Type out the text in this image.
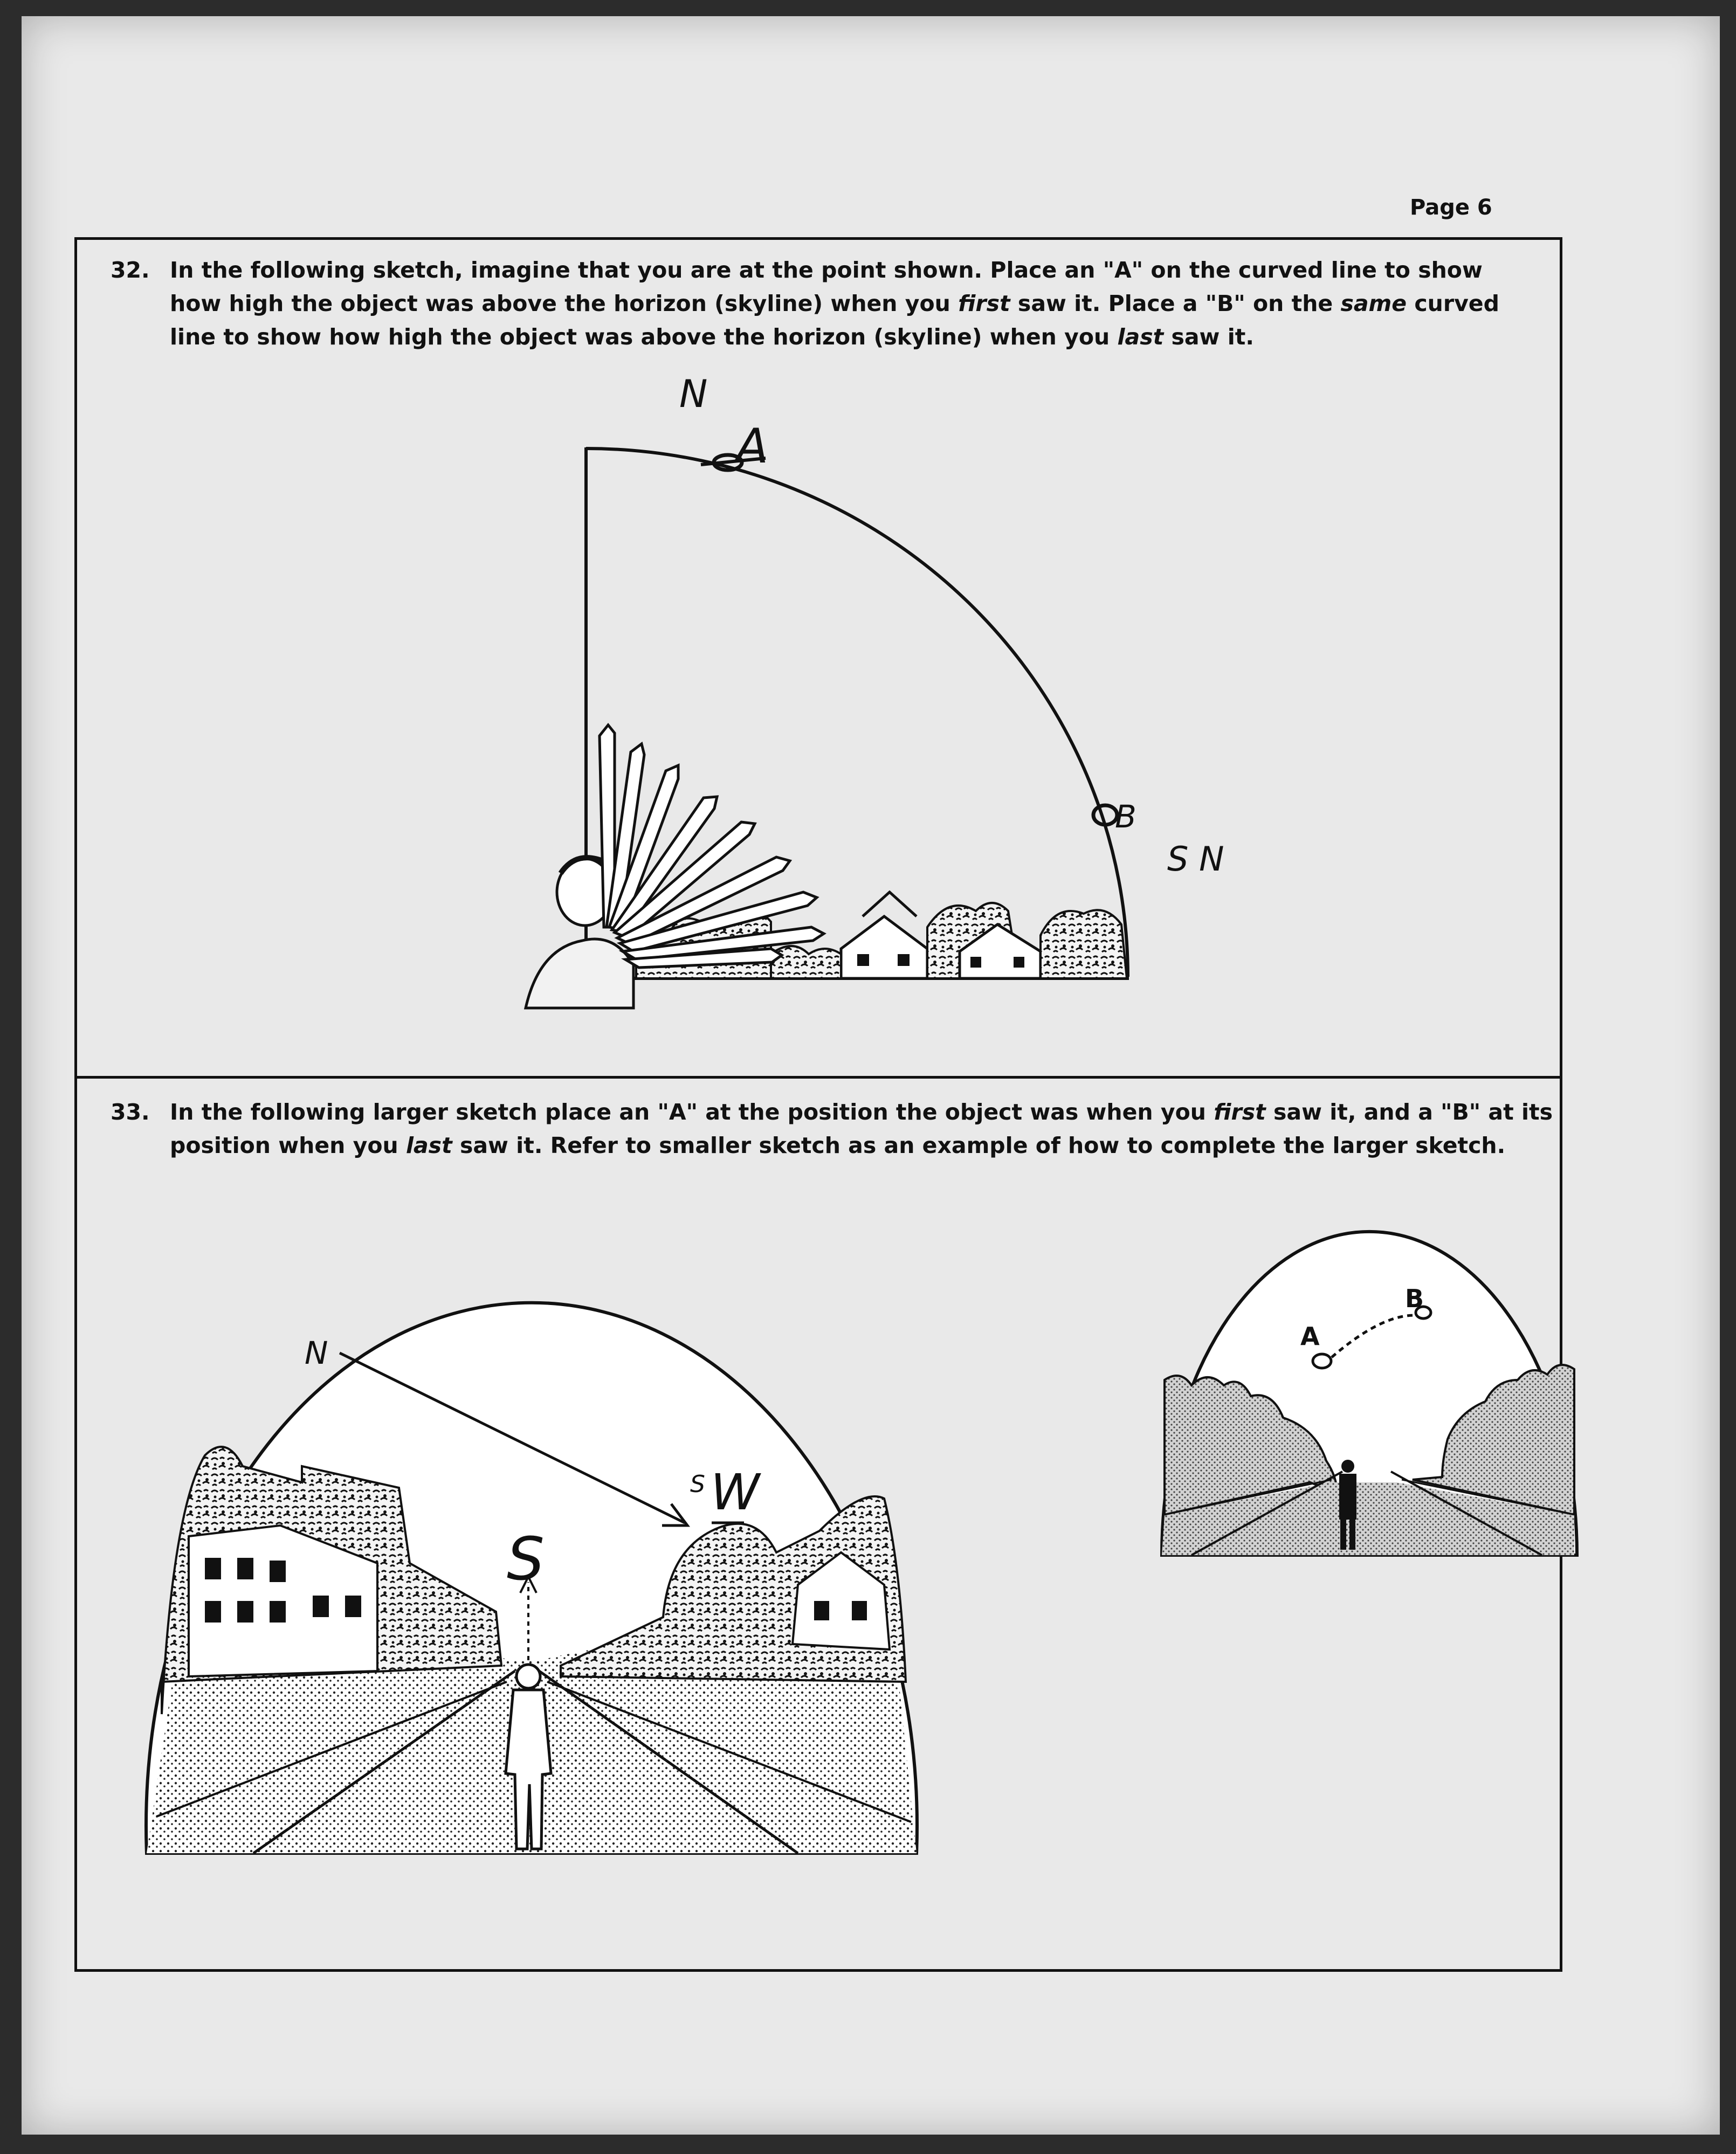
Page 6
32. In the following sketch, imagine that you are at the point shown. Place an "A" on the curved line to show how high the object was above the horizon (skyline) when you first saw it. Place a "B" on the same curved line to show how high the object was above the horizon (skyline) when you last saw it.
33. In the following larger sketch place an "A" at the position the object was when you first saw it, and a "B" at its position when you last saw it. Refer to smaller sketch as an example of how to complete the larger sketch.
N
A
B
S N
N
S W
S
A
B
